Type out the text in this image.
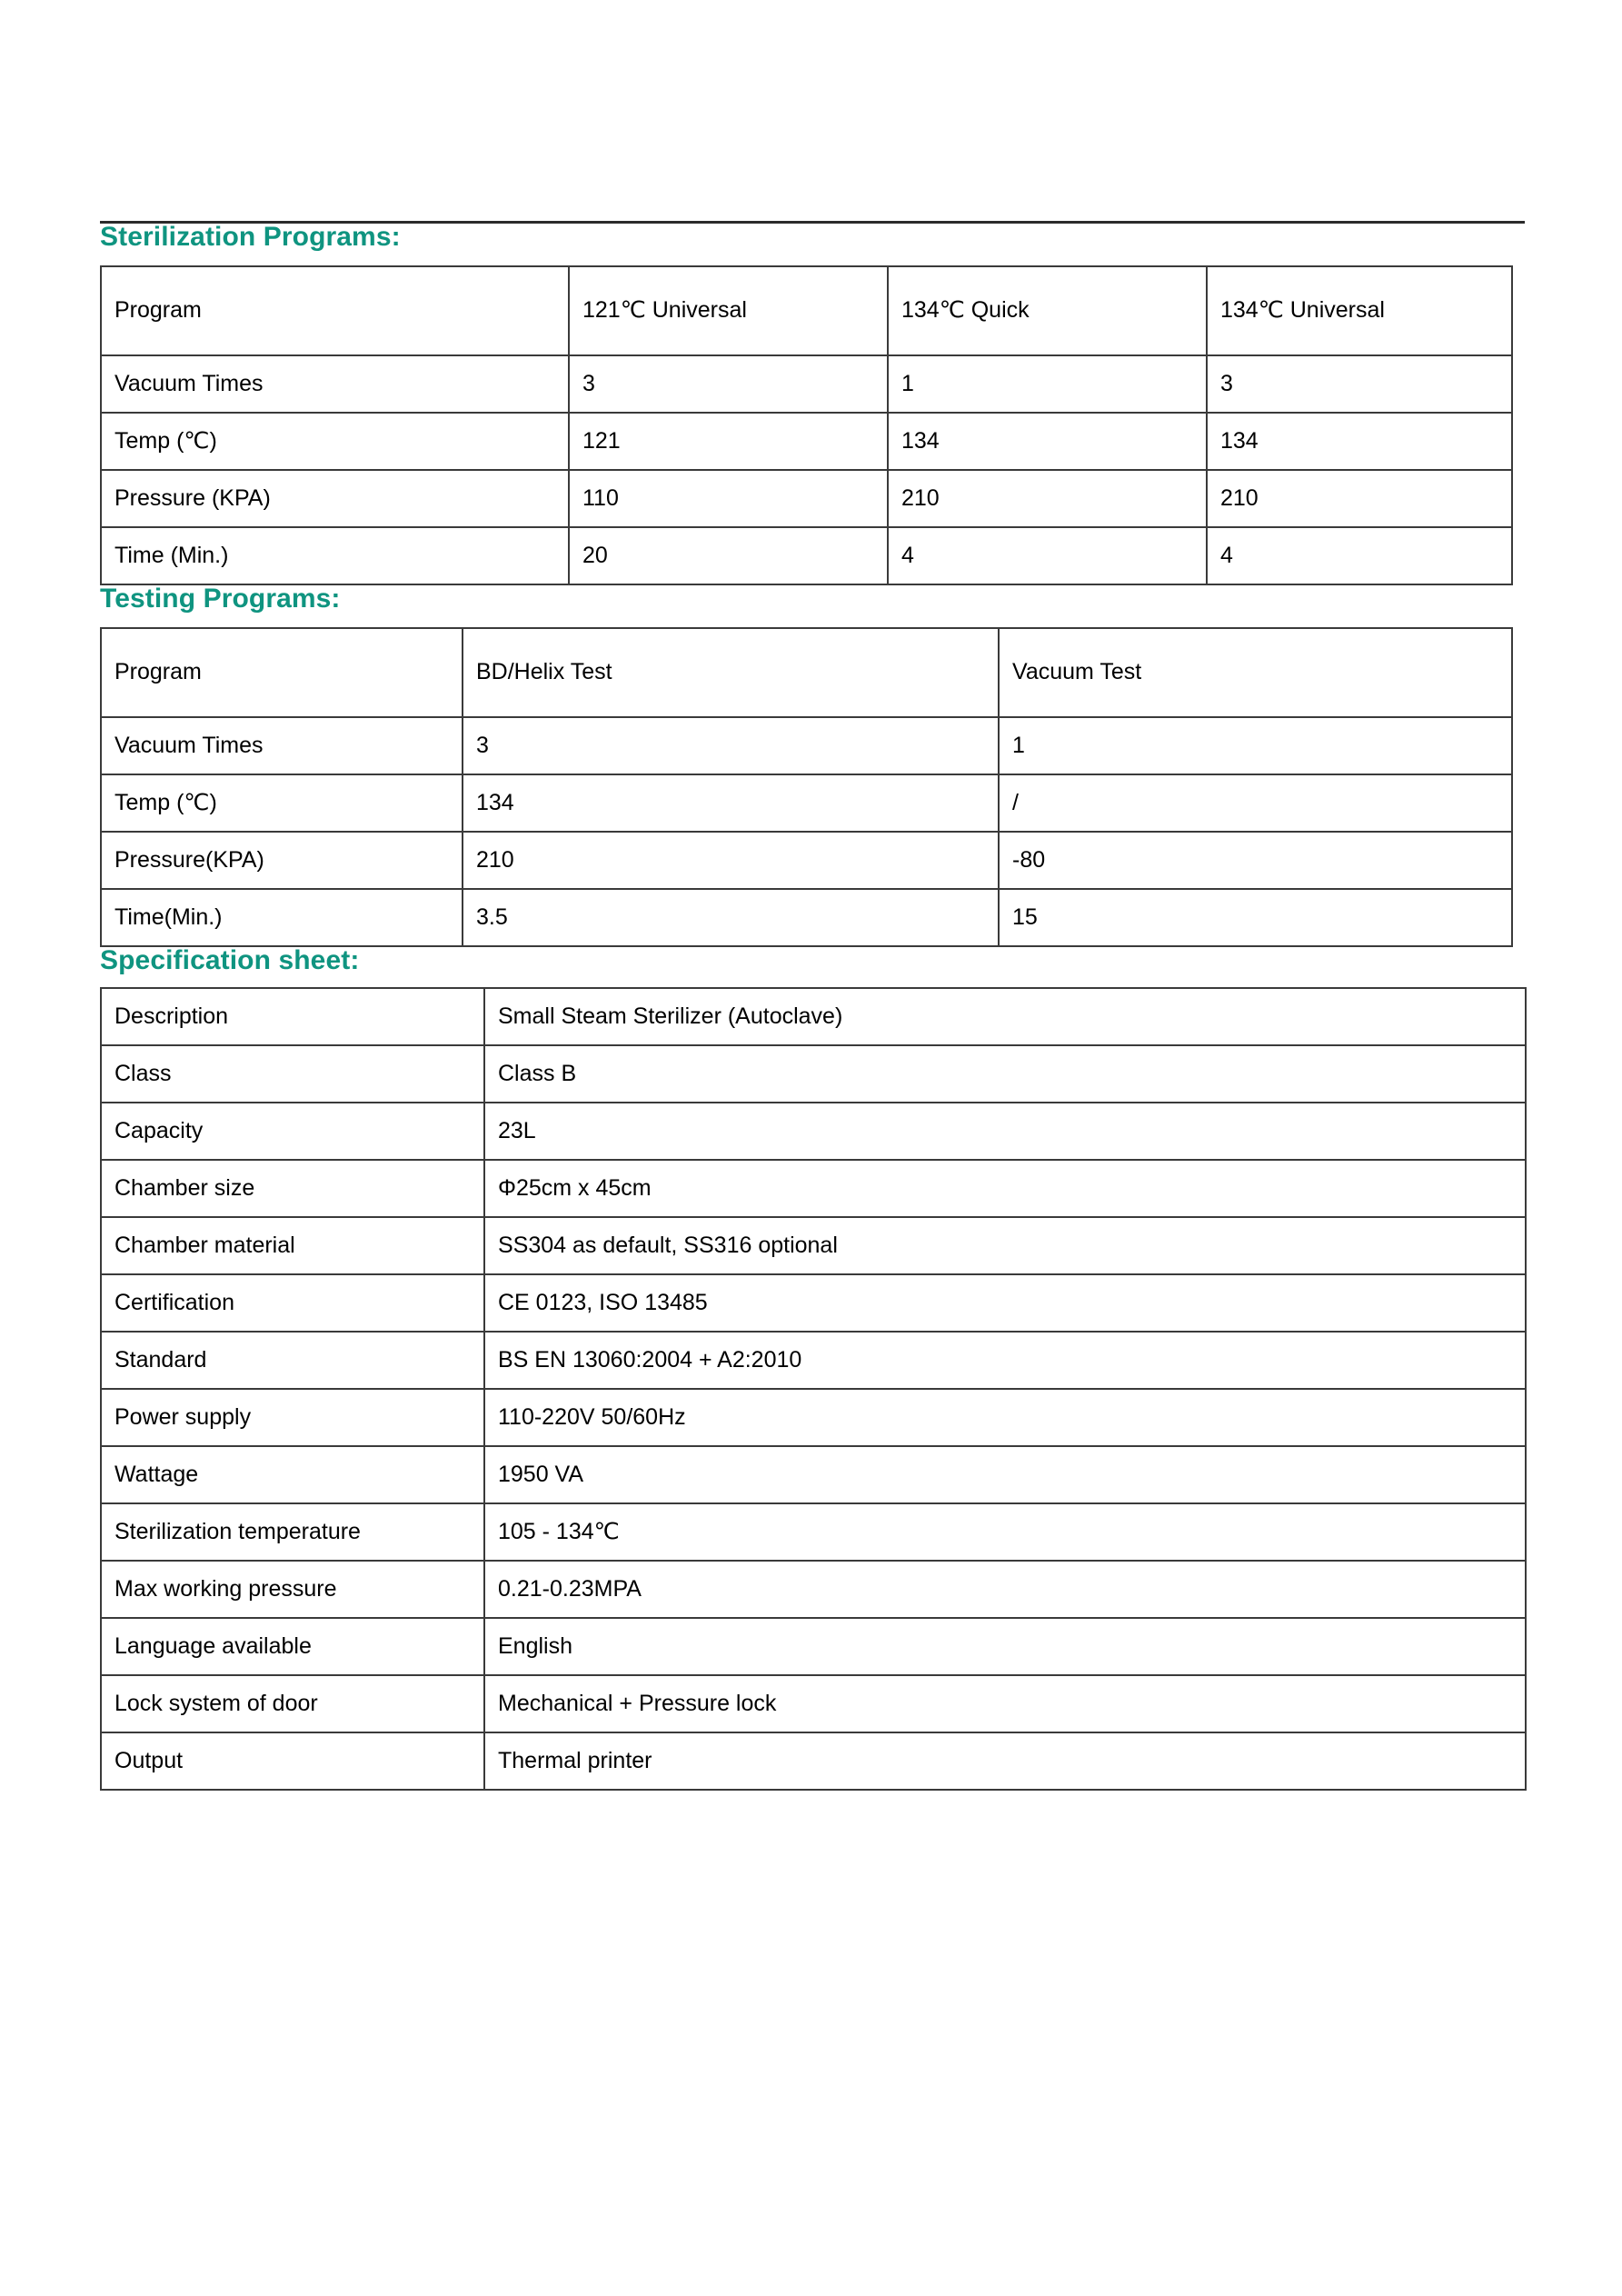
Sterilization Programs:
Program	121℃ Universal	134℃ Quick	134℃ Universal
Vacuum Times	3	1	3
Temp (℃)	121	134	134
Pressure (KPA)	110	210	210
Time (Min.)	20	4	4
Testing Programs:
Program	BD/Helix Test	Vacuum Test
Vacuum Times	3	1
Temp (℃)	134	/
Pressure(KPA)	210	-80
Time(Min.)	3.5	15
Specification sheet:
Description	Small Steam Sterilizer (Autoclave)
Class	Class B
Capacity	23L
Chamber size	Φ25cm x 45cm
Chamber material	SS304 as default, SS316 optional
Certification	CE 0123, ISO 13485
Standard	BS EN 13060:2004 + A2:2010
Power supply	110-220V 50/60Hz
Wattage	1950 VA
Sterilization temperature	105 - 134℃
Max working pressure	0.21-0.23MPA
Language available	English
Lock system of door	Mechanical + Pressure lock
Output	Thermal printer
